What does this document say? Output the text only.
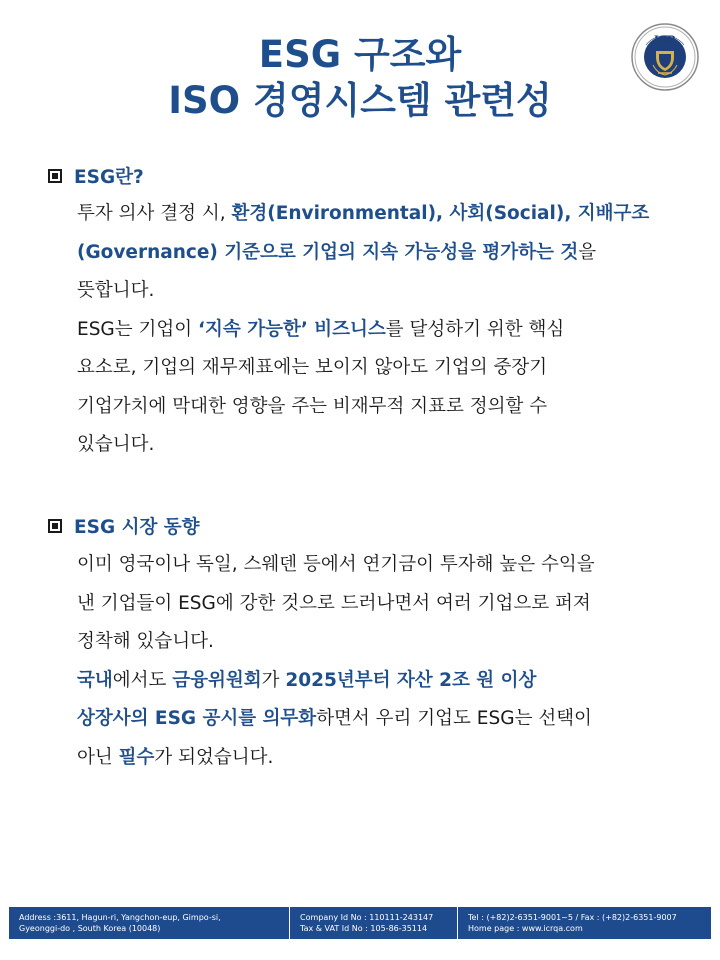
ESG 구조와
ISO 경영시스템 관련성
ICR
ESG란?
투자 의사 결정 시, 환경(Environmental), 사회(Social), 지배구조
(Governance) 기준으로 기업의 지속 가능성을 평가하는 것을
뜻합니다.
ESG는 기업이 ‘지속 가능한’ 비즈니스를 달성하기 위한 핵심
요소로, 기업의 재무제표에는 보이지 않아도 기업의 중장기
기업가치에 막대한 영향을 주는 비재무적 지표로 정의할 수
있습니다.
ESG 시장 동향
이미 영국이나 독일, 스웨덴 등에서 연기금이 투자해 높은 수익을
낸 기업들이 ESG에 강한 것으로 드러나면서 여러 기업으로 퍼져
정착해 있습니다.
국내에서도 금융위원회가 2025년부터 자산 2조 원 이상
상장사의 ESG 공시를 의무화하면서 우리 기업도 ESG는 선택이
아닌 필수가 되었습니다.
Address :3611, Hagun-ri, Yangchon-eup, Gimpo-si,
Gyeonggi-do , South Korea (10048)
Company Id No : 110111-243147
Tax & VAT Id No : 105-86-35114
Tel : (+82)2-6351-9001~5 / Fax : (+82)2-6351-9007
Home page : www.icrqa.com
